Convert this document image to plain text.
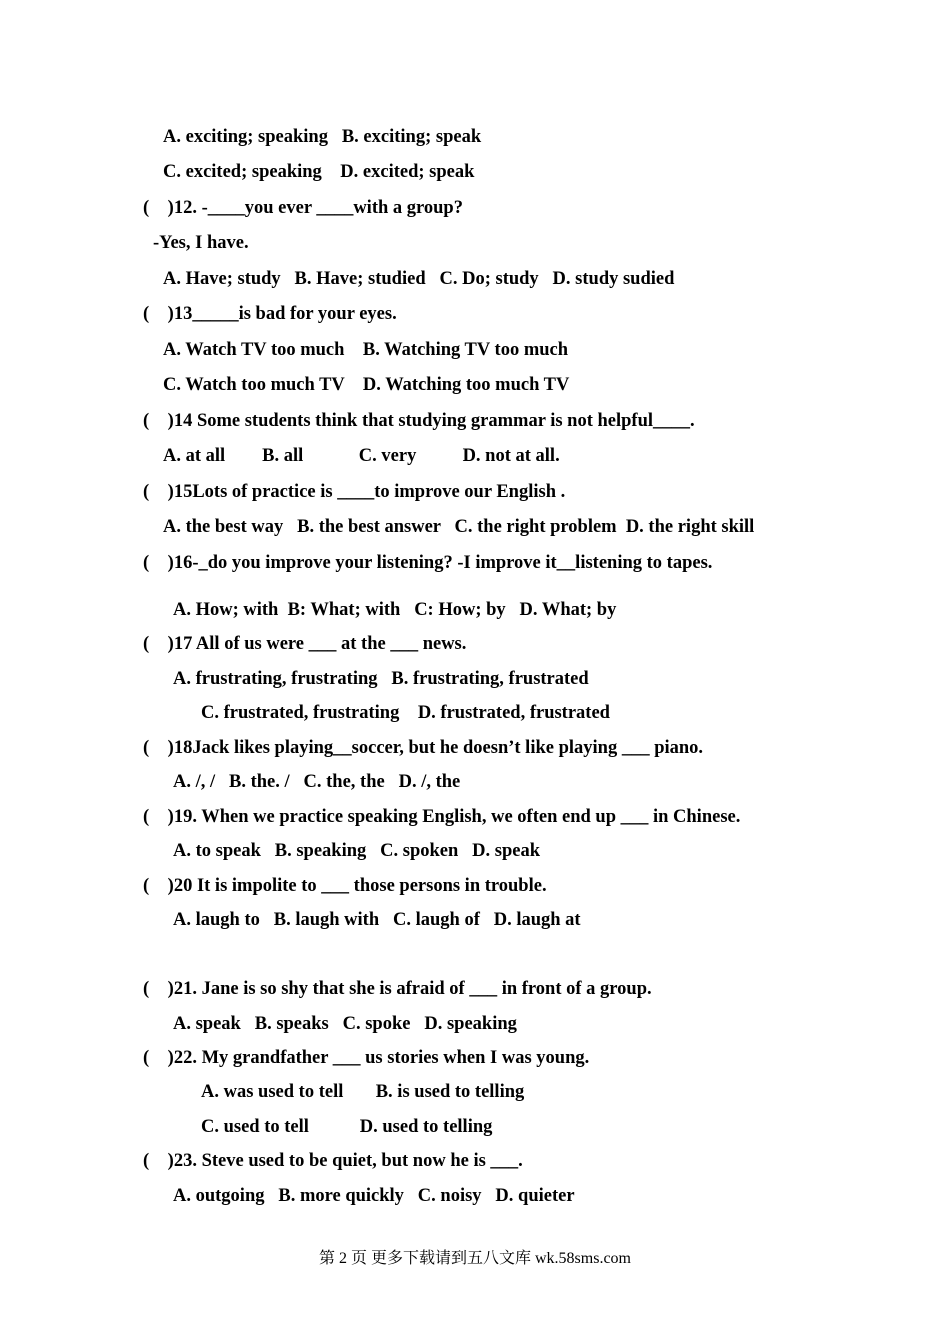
A. exciting; speaking   B. exciting; speak
C. excited; speaking    D. excited; speak
(    )12. -____you ever ____with a group?
-Yes, I have.
A. Have; study   B. Have; studied   C. Do; study   D. study sudied
(    )13_____is bad for your eyes.
A. Watch TV too much    B. Watching TV too much
C. Watch too much TV    D. Watching too much TV
(    )14 Some students think that studying grammar is not helpful____.
A. at all        B. all            C. very          D. not at all.
(    )15Lots of practice is ____to improve our English .
A. the best way   B. the best answer   C. the right problem  D. the right skill
(    )16-_do you improve your listening? -I improve it__listening to tapes.
A. How; with  B: What; with   C: How; by   D. What; by
(    )17 All of us were ___ at the ___ news.
A. frustrating, frustrating   B. frustrating, frustrated
C. frustrated, frustrating    D. frustrated, frustrated
(    )18Jack likes playing__soccer, but he doesn’t like playing ___ piano.
A. /, /   B. the. /   C. the, the   D. /, the
(    )19. When we practice speaking English, we often end up ___ in Chinese.
A. to speak   B. speaking   C. spoken   D. speak
(    )20 It is impolite to ___ those persons in trouble.
A. laugh to   B. laugh with   C. laugh of   D. laugh at
(    )21. Jane is so shy that she is afraid of ___ in front of a group.
A. speak   B. speaks   C. spoke   D. speaking
(    )22. My grandfather ___ us stories when I was young.
A. was used to tell       B. is used to telling
C. used to tell           D. used to telling
(    )23. Steve used to be quiet, but now he is ___.
A. outgoing   B. more quickly   C. noisy   D. quieter
第 2 页 更多下载请到五八文库 wk.58sms.com
